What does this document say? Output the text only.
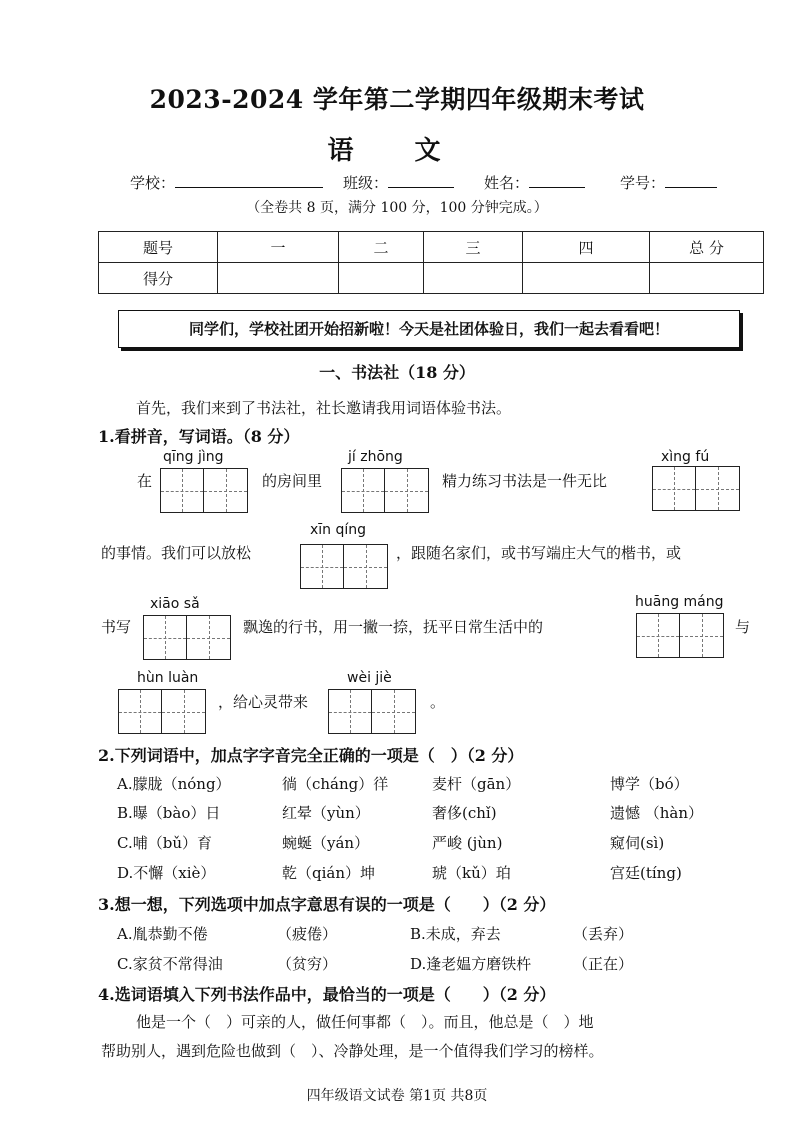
2023-2024 学年第二学期四年级期末考试
语 文
学校：	班级：	姓名：	学号：
（全卷共 8 页，满分 100 分，100 分钟完成。）
题号	一	二	三	四	总 分
得分					
同学们，学校社团开始招新啦！今天是社团体验日，我们一起去看看吧！
一、书法社（18 分）
首先，我们来到了书法社，社长邀请我用词语体验书法。
1.看拼音，写词语。（8 分）
qīng jìng	jí zhōng	xìng fú
在	的房间里	精力练习书法是一件无比
xīn qíng
的事情。我们可以放松	，跟随名家们，或书写端庄大气的楷书，或
xiāo sǎ	huāng máng
书写	飘逸的行书，用一撇一捺，抚平日常生活中的	与
hùn luàn	wèi jiè
，给心灵带来	。
2.下列词语中，加点字字音完全正确的一项是（　）（2 分）
A.朦胧（nóng）	徜（cháng）徉	麦杆（gān）	博学（bó）
B.曝（bào）日	红晕（yùn）	奢侈(chǐ)	遗憾 （hàn）
C.哺（bǔ）育	蜿蜒（yán）	严峻 (jùn)	窥伺(sì)
D.不懈（xiè）	乾（qián）坤	琥（kǔ）珀	宫廷(tíng)
3.想一想，下列选项中加点字意思有误的一项是（　　）（2 分）
A.胤恭勤不倦	（疲倦）	B.未成，弃去	（丢弃）
C.家贫不常得油	（贫穷）	D.逢老媪方磨铁杵	（正在）
4.选词语填入下列书法作品中，最恰当的一项是（　　）（2 分）
他是一个（　）可亲的人，做任何事都（　）。而且，他总是（　）地
帮助别人，遇到危险也做到（　）、冷静处理，是一个值得我们学习的榜样。
四年级语文试卷 第1页 共8页
